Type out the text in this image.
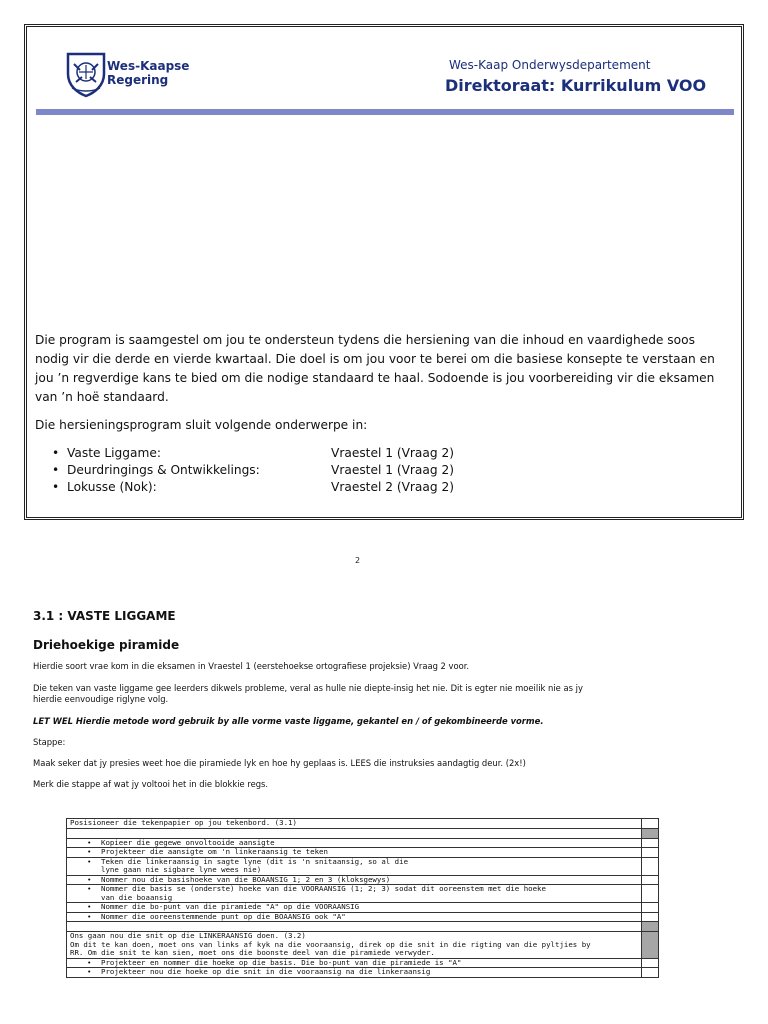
Wes-Kaapse
Regering
Wes-Kaap Onderwysdepartement
Direktoraat: Kurrikulum VOO
Die program is saamgestel om jou te ondersteun tydens die hersiening van die inhoud en vaardighede soos nodig vir die derde en vierde kwartaal. Die doel is om jou voor te berei om die basiese konsepte te verstaan en jou ’n regverdige kans te bied om die nodige standaard te haal. Sodoende is jou voorbereiding vir die eksamen van ’n hoë standaard.
Die hersieningsprogram sluit volgende onderwerpe in:
• Vaste Liggame:	Vraestel 1 (Vraag 2)
• Deurdringings & Ontwikkelings:	Vraestel 1 (Vraag 2)
• Lokusse (Nok):	Vraestel 2 (Vraag 2)
2
3.1 : VASTE LIGGAME
Driehoekige piramide
Hierdie soort vrae kom in die eksamen in Vraestel 1 (eerstehoekse ortografiese projeksie) Vraag 2 voor.
Die teken van vaste liggame gee leerders dikwels probleme, veral as hulle nie diepte-insig het nie. Dit is egter nie moeilik nie as jy
hierdie eenvoudige riglyne volg.
LET WEL Hierdie metode word gebruik by alle vorme vaste liggame, gekantel en / of gekombineerde vorme.
Stappe:
Maak seker dat jy presies weet hoe die piramiede lyk en hoe hy geplaas is. LEES die instruksies aandagtig deur. (2x!)
Merk die stappe af wat jy voltooi het in die blokkie regs.
Posisioneer die tekenpapier op jou tekenbord. (3.1)	

• Kopieer die gegewe onvoltooide aansigte

• Projekteer die aansigte om 'n linkeraansig te teken

• Teken die linkeraansig in sagte lyne (dit is 'n snitaansig, so al die
lyne gaan nie sigbare lyne wees nie)

• Nommer nou die basishoeke van die BOAANSIG 1; 2 en 3 (kloksgewys)

• Nommer die basis se (onderste) hoeke van die VOORAANSIG (1; 2; 3) sodat dit ooreenstem met die hoeke
van die boaansig

• Nommer die bo-punt van die piramiede "A" op die VOORAANSIG

• Nommer die ooreenstemmende punt op die BOAANSIG ook "A"

Ons gaan nou die snit op die LINKERAANSIG doen. (3.2)
Om dit te kan doen, moet ons van links af kyk na die vooraansig, direk op die snit in die rigting van die pyltjies by
RR. Om die snit te kan sien, moet ons die boonste deel van die piramiede verwyder.	

• Projekteer en nommer die hoeke op die basis. Die bo-punt van die piramiede is "A"

• Projekteer nou die hoeke op die snit in die vooraansig na die linkeraansig
